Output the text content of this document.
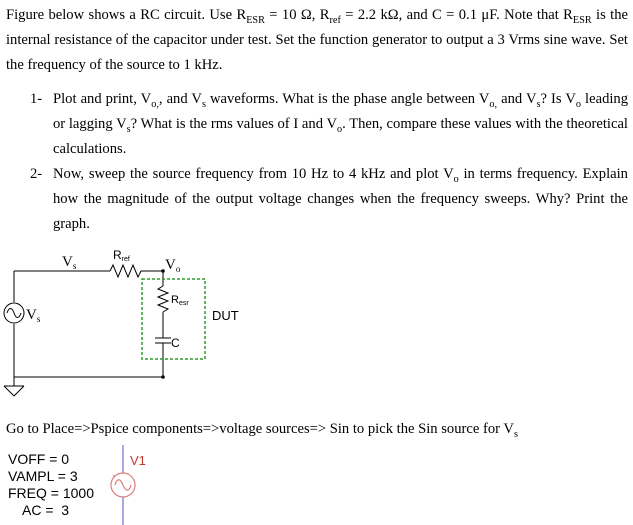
Figure below shows a RC circuit. Use $R_{ESR} = 10$ Ω, $R_{ref} = 2.2$ kΩ, and C = 0.1 μF. Note that $R_{ESR}$ is the internal resistance of the capacitor under test. Set the function generator to output a 3 Vrms sine wave. Set the frequency of the source to 1 kHz.

1- Plot and print, $V_{o,}$, and $V_s$ waveforms. What is the phase angle between $V_{o,}$ and $V_s$? Is $V_o$ leading or lagging $V_s$? What is the rms values of I and $V_o$. Then, compare these values with the theoretical calculations.
2- Now, sweep the source frequency from 10 Hz to 4 kHz and plot $V_o$ in terms frequency. Explain how the magnitude of the output voltage changes when the frequency sweeps. Why? Print the graph.
$V_s$
Rref $V_o$
Resr
$V_s$	DUT
C
Go to Place=>Pspice components=>voltage sources=> Sin to pick the Sin source for $V_s$
VOFF = 0
VAMPL = 3
FREQ = 1000
AC =  3
V1
